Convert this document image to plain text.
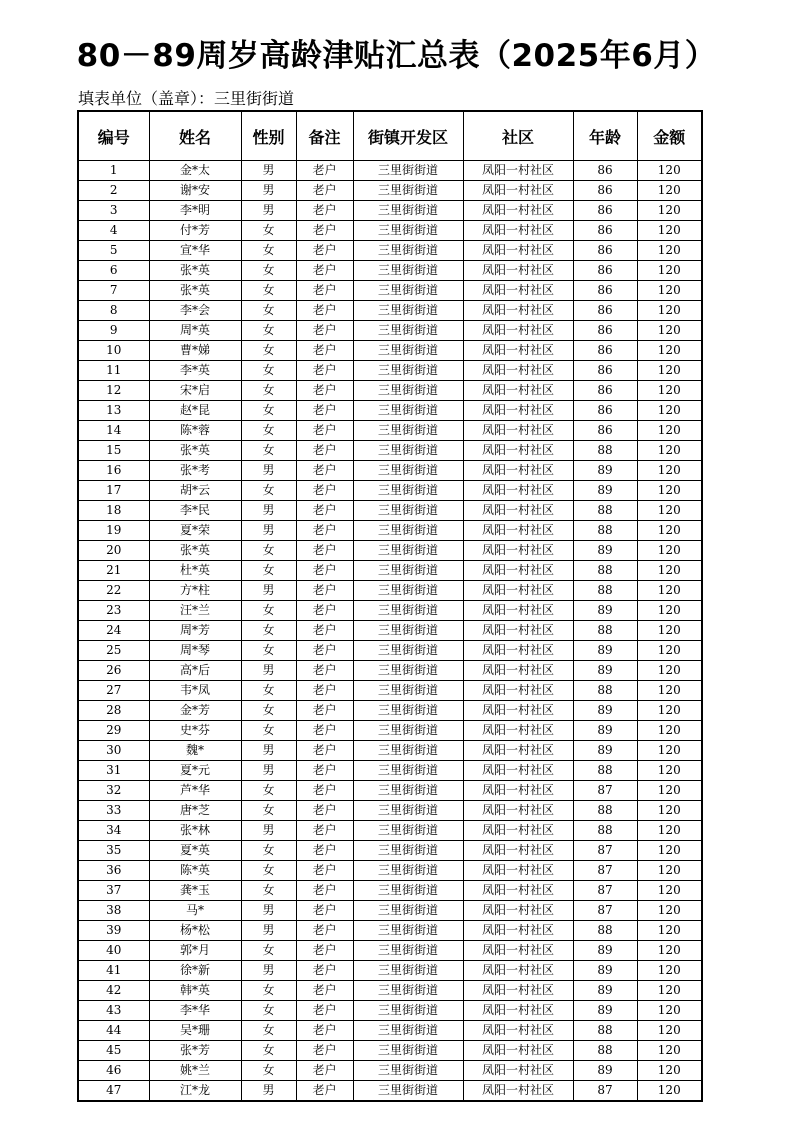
80－89周岁高龄津贴汇总表（2025年6月）
填表单位（盖章）：三里街街道
编号	姓名	性别	备注	街镇开发区	社区	年龄	金额
1	金*太	男	老户	三里街街道	凤阳一村社区	86	120
2	谢*安	男	老户	三里街街道	凤阳一村社区	86	120
3	李*明	男	老户	三里街街道	凤阳一村社区	86	120
4	付*芳	女	老户	三里街街道	凤阳一村社区	86	120
5	宣*华	女	老户	三里街街道	凤阳一村社区	86	120
6	张*英	女	老户	三里街街道	凤阳一村社区	86	120
7	张*英	女	老户	三里街街道	凤阳一村社区	86	120
8	李*会	女	老户	三里街街道	凤阳一村社区	86	120
9	周*英	女	老户	三里街街道	凤阳一村社区	86	120
10	曹*娣	女	老户	三里街街道	凤阳一村社区	86	120
11	李*英	女	老户	三里街街道	凤阳一村社区	86	120
12	宋*启	女	老户	三里街街道	凤阳一村社区	86	120
13	赵*昆	女	老户	三里街街道	凤阳一村社区	86	120
14	陈*蓉	女	老户	三里街街道	凤阳一村社区	86	120
15	张*英	女	老户	三里街街道	凤阳一村社区	88	120
16	张*考	男	老户	三里街街道	凤阳一村社区	89	120
17	胡*云	女	老户	三里街街道	凤阳一村社区	89	120
18	李*民	男	老户	三里街街道	凤阳一村社区	88	120
19	夏*荣	男	老户	三里街街道	凤阳一村社区	88	120
20	张*英	女	老户	三里街街道	凤阳一村社区	89	120
21	杜*英	女	老户	三里街街道	凤阳一村社区	88	120
22	方*柱	男	老户	三里街街道	凤阳一村社区	88	120
23	汪*兰	女	老户	三里街街道	凤阳一村社区	89	120
24	周*芳	女	老户	三里街街道	凤阳一村社区	88	120
25	周*琴	女	老户	三里街街道	凤阳一村社区	89	120
26	高*后	男	老户	三里街街道	凤阳一村社区	89	120
27	韦*凤	女	老户	三里街街道	凤阳一村社区	88	120
28	金*芳	女	老户	三里街街道	凤阳一村社区	89	120
29	史*芬	女	老户	三里街街道	凤阳一村社区	89	120
30	魏*	男	老户	三里街街道	凤阳一村社区	89	120
31	夏*元	男	老户	三里街街道	凤阳一村社区	88	120
32	芦*华	女	老户	三里街街道	凤阳一村社区	87	120
33	唐*芝	女	老户	三里街街道	凤阳一村社区	88	120
34	张*林	男	老户	三里街街道	凤阳一村社区	88	120
35	夏*英	女	老户	三里街街道	凤阳一村社区	87	120
36	陈*英	女	老户	三里街街道	凤阳一村社区	87	120
37	龚*玉	女	老户	三里街街道	凤阳一村社区	87	120
38	马*	男	老户	三里街街道	凤阳一村社区	87	120
39	杨*松	男	老户	三里街街道	凤阳一村社区	88	120
40	郭*月	女	老户	三里街街道	凤阳一村社区	89	120
41	徐*新	男	老户	三里街街道	凤阳一村社区	89	120
42	韩*英	女	老户	三里街街道	凤阳一村社区	89	120
43	李*华	女	老户	三里街街道	凤阳一村社区	89	120
44	吴*珊	女	老户	三里街街道	凤阳一村社区	88	120
45	张*芳	女	老户	三里街街道	凤阳一村社区	88	120
46	姚*兰	女	老户	三里街街道	凤阳一村社区	89	120
47	江*龙	男	老户	三里街街道	凤阳一村社区	87	120
